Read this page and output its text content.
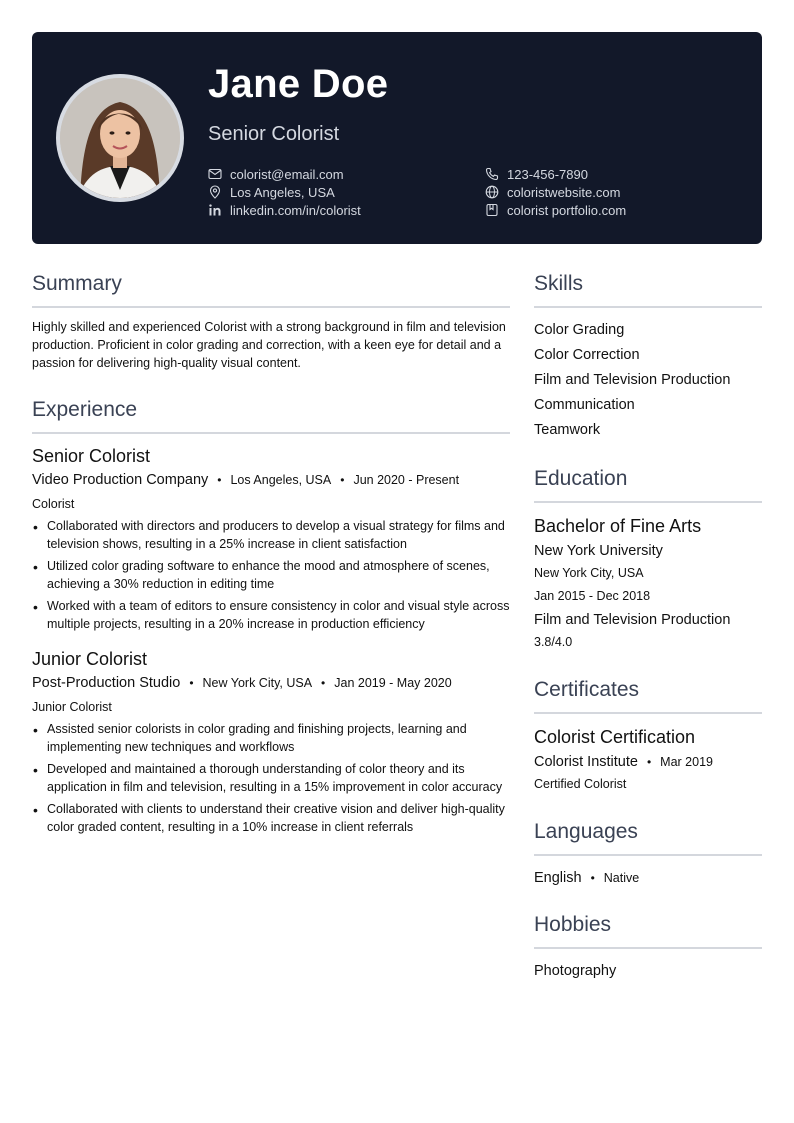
Jane Doe
Senior Colorist
colorist@email.com	123-456-7890
Los Angeles, USA	coloristwebsite.com
linkedin.com/in/colorist	colorist portfolio.com
Summary

Highly skilled and experienced Colorist with a strong background in film and television production. Proficient in color grading and correction, with a keen eye for detail and a passion for delivering high-quality visual content.

Experience
Senior Colorist
Video Production Company • Los Angeles, USA • Jun 2020 - Present
Colorist
• Collaborated with directors and producers to develop a visual strategy for films and television shows, resulting in a 25% increase in client satisfaction
• Utilized color grading software to enhance the mood and atmosphere of scenes, achieving a 30% reduction in editing time
• Worked with a team of editors to ensure consistency in color and visual style across multiple projects, resulting in a 20% increase in production efficiency
Junior Colorist
Post-Production Studio • New York City, USA • Jan 2019 - May 2020
Junior Colorist
• Assisted senior colorists in color grading and finishing projects, learning and implementing new techniques and workflows
• Developed and maintained a thorough understanding of color theory and its application in film and television, resulting in a 15% improvement in color accuracy
• Collaborated with clients to understand their creative vision and deliver high-quality color graded content, resulting in a 10% increase in client referrals
Skills
Color Grading
Color Correction
Film and Television Production
Communication
Teamwork
Education
Bachelor of Fine Arts
New York University
New York City, USA
Jan 2015 - Dec 2018
Film and Television Production
3.8/4.0
Certificates
Colorist Certification
Colorist Institute • Mar 2019
Certified Colorist
Languages
English • Native
Hobbies
Photography
